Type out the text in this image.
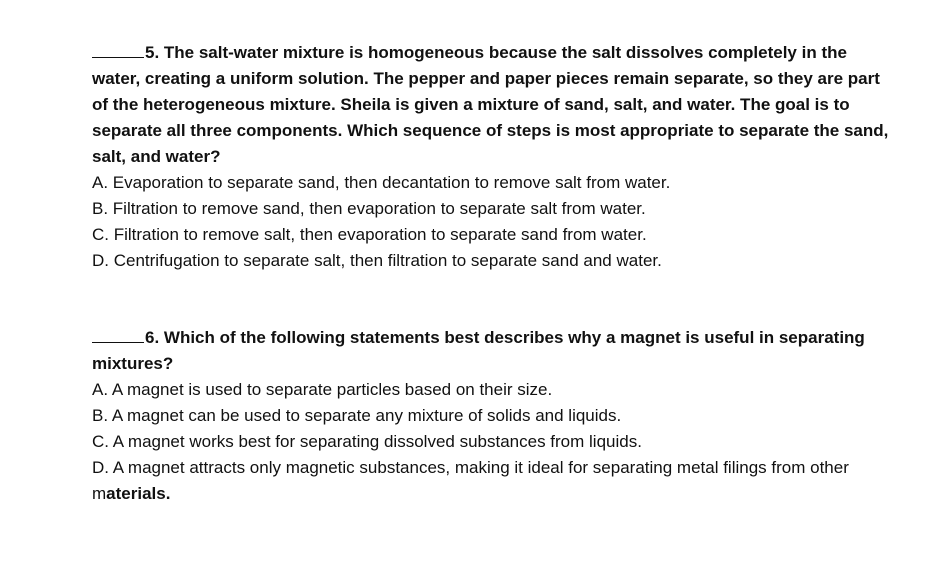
5. The salt-water mixture is homogeneous because the salt dissolves completely in the water, creating a uniform solution. The pepper and paper pieces remain separate, so they are part of the heterogeneous mixture. Sheila is given a mixture of sand, salt, and water. The goal is to separate all three components. Which sequence of steps is most appropriate to separate the sand, salt, and water?
A. Evaporation to separate sand, then decantation to remove salt from water.
B. Filtration to remove sand, then evaporation to separate salt from water.
C. Filtration to remove salt, then evaporation to separate sand from water.
D. Centrifugation to separate salt, then filtration to separate sand and water.
6. Which of the following statements best describes why a magnet is useful in separating mixtures?
A. A magnet is used to separate particles based on their size.
B. A magnet can be used to separate any mixture of solids and liquids.
C. A magnet works best for separating dissolved substances from liquids.
D. A magnet attracts only magnetic substances, making it ideal for separating metal filings from other materials.
